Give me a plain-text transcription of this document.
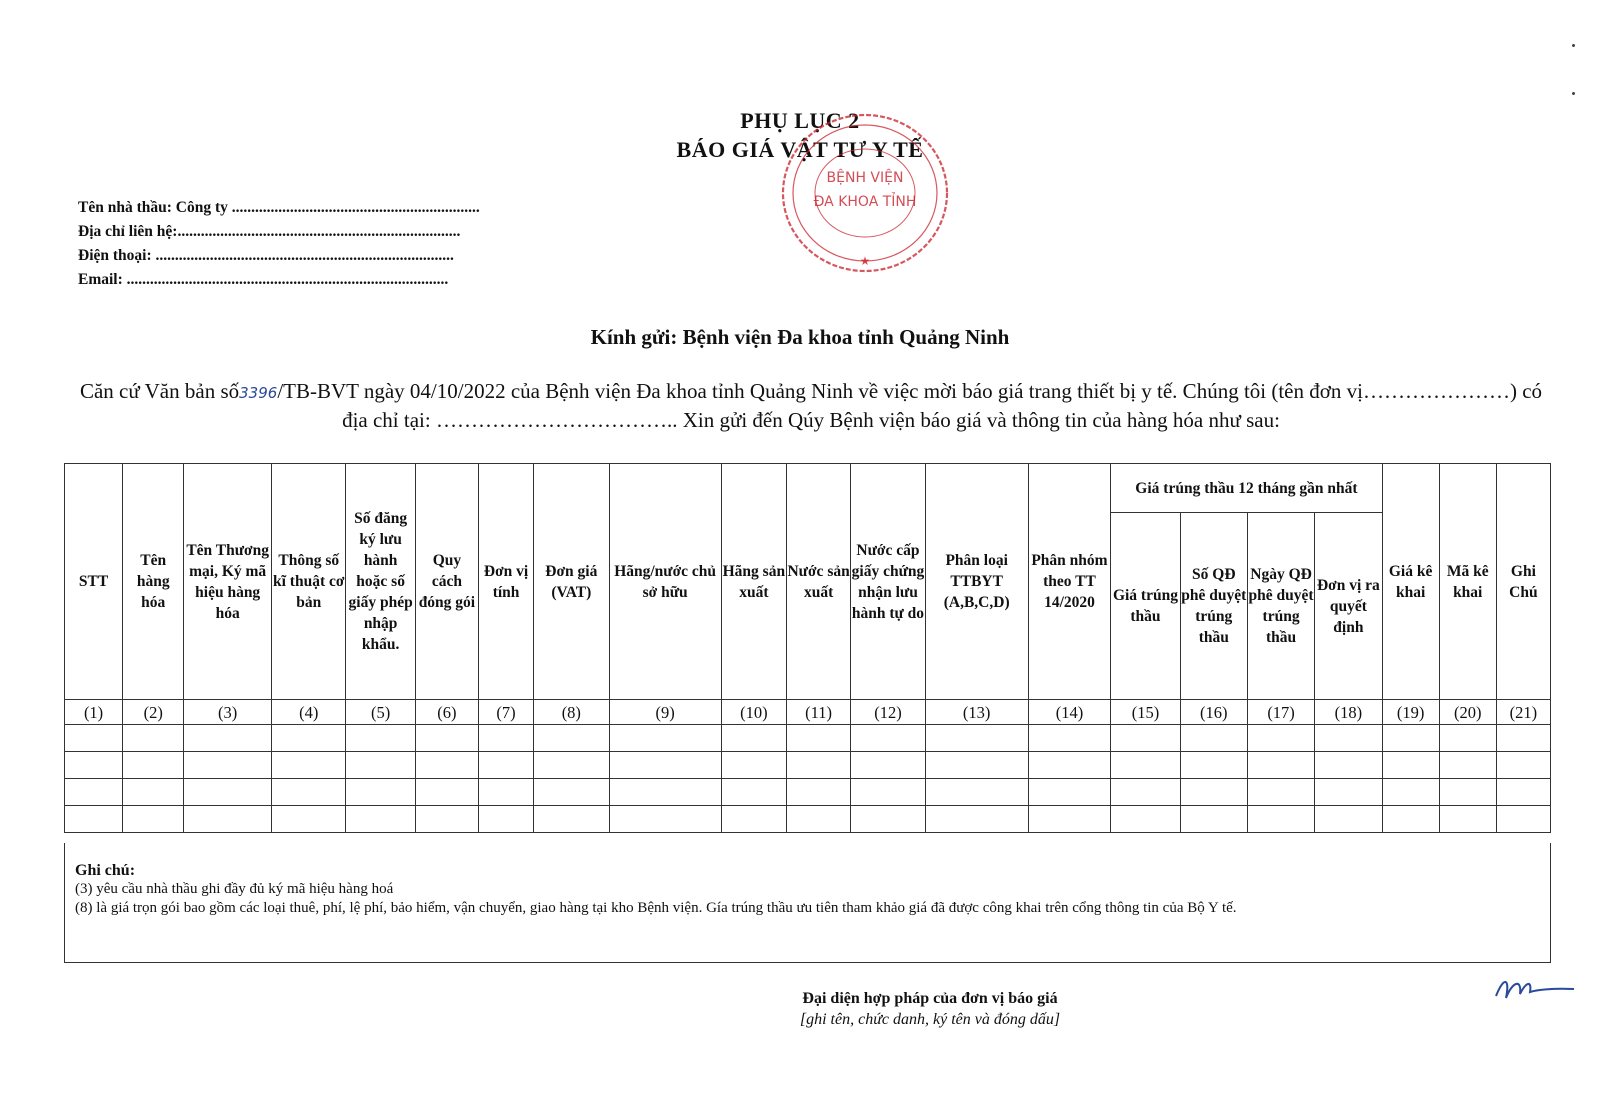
PHỤ LỤC 2
BÁO GIÁ VẬT TƯ Y TẾ
BỆNH VIỆN
ĐA KHOA TỈNH
★
Tên nhà thầu: Công ty ................................................................
Địa chỉ liên hệ:.........................................................................
Điện thoại: .............................................................................
Email: ...................................................................................
Kính gửi: Bệnh viện Đa khoa tỉnh Quảng Ninh
Căn cứ Văn bản số3396/TB-BVT ngày 04/10/2022 của Bệnh viện Đa khoa tỉnh Quảng Ninh về việc mời báo giá trang thiết bị y tế. Chúng tôi (tên đơn vị…………………) có địa chỉ tại: …………………………….. Xin gửi đến Qúy Bệnh viện báo giá và thông tin của hàng hóa như sau:
STT	Tên hàng hóa	Tên Thương mại, Ký mã hiệu hàng hóa	Thông số kĩ thuật cơ bản	Số đăng ký lưu hành hoặc số giấy phép nhập khẩu.	Quy cách đóng gói	Đơn vị tính	Đơn giá (VAT)	Hãng/nước chủ sở hữu	Hãng sản xuất	Nước sản xuất	Nước cấp giấy chứng nhận lưu hành tự do	Phân loại TTBYT (A,B,C,D)	Phân nhóm theo TT 14/2020	Giá trúng thầu 12 tháng gần nhất				Giá kê khai	Mã kê khai	Ghi Chú
														Giá trúng thầu	Số QĐ phê duyệt trúng thầu	Ngày QĐ phê duyệt trúng thầu	Đơn vị ra quyết định			
(1)	(2)	(3)	(4)	(5)	(6)	(7)	(8)	(9)	(10)	(11)	(12)	(13)	(14)	(15)	(16)	(17)	(18)	(19)	(20)	(21)

Ghi chú:
(3) yêu cầu nhà thầu ghi đầy đủ ký mã hiệu hàng hoá
(8) là giá trọn gói bao gồm các loại thuê, phí, lệ phí, bảo hiểm, vận chuyển, giao hàng tại kho Bệnh viện. Gía trúng thầu ưu tiên tham khảo giá đã được công khai trên cổng thông tin của Bộ Y tế.
Đại diện hợp pháp của đơn vị báo giá
[ghi tên, chức danh, ký tên và đóng dấu]
